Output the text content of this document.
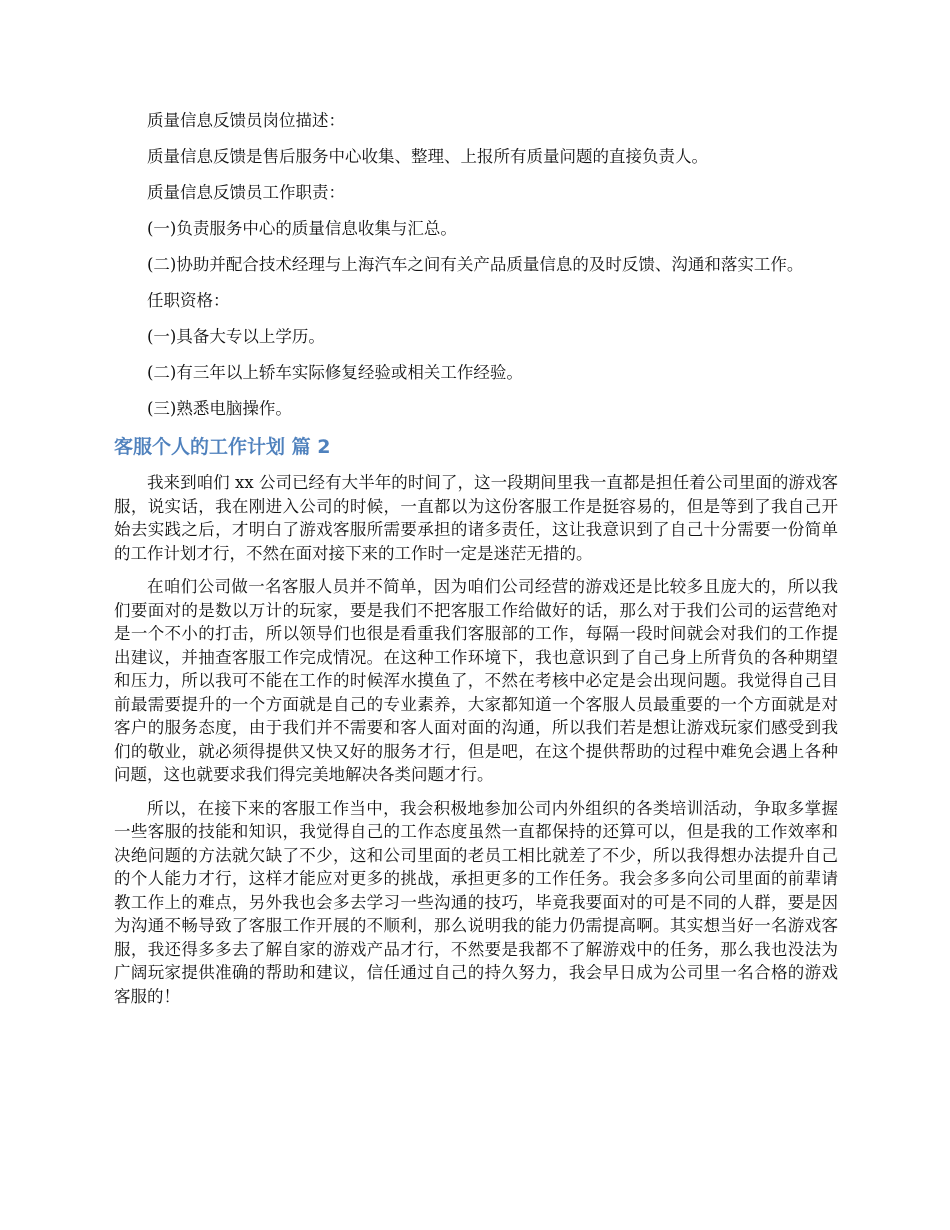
质量信息反馈员岗位描述：

质量信息反馈是售后服务中心收集、整理、上报所有质量问题的直接负责人。

质量信息反馈员工作职责：

(一)负责服务中心的质量信息收集与汇总。

(二)协助并配合技术经理与上海汽车之间有关产品质量信息的及时反馈、沟通和落实工作。

任职资格：

(一)具备大专以上学历。

(二)有三年以上轿车实际修复经验或相关工作经验。

(三)熟悉电脑操作。

客服个人的工作计划 篇 2

我来到咱们 xx 公司已经有大半年的时间了，这一段期间里我一直都是担任着公司里面的游戏客服，说实话，我在刚进入公司的时候，一直都以为这份客服工作是挺容易的，但是等到了我自己开始去实践之后，才明白了游戏客服所需要承担的诸多责任，这让我意识到了自己十分需要一份简单的工作计划才行，不然在面对接下来的工作时一定是迷茫无措的。

在咱们公司做一名客服人员并不简单，因为咱们公司经营的游戏还是比较多且庞大的，所以我们要面对的是数以万计的玩家，要是我们不把客服工作给做好的话，那么对于我们公司的运营绝对是一个不小的打击，所以领导们也很是看重我们客服部的工作，每隔一段时间就会对我们的工作提出建议，并抽查客服工作完成情况。在这种工作环境下，我也意识到了自己身上所背负的各种期望和压力，所以我可不能在工作的时候浑水摸鱼了，不然在考核中必定是会出现问题。我觉得自己目前最需要提升的一个方面就是自己的专业素养，大家都知道一个客服人员最重要的一个方面就是对客户的服务态度，由于我们并不需要和客人面对面的沟通，所以我们若是想让游戏玩家们感受到我们的敬业，就必须得提供又快又好的服务才行，但是吧，在这个提供帮助的过程中难免会遇上各种问题，这也就要求我们得完美地解决各类问题才行。

所以，在接下来的客服工作当中，我会积极地参加公司内外组织的各类培训活动，争取多掌握一些客服的技能和知识，我觉得自己的工作态度虽然一直都保持的还算可以，但是我的工作效率和决绝问题的方法就欠缺了不少，这和公司里面的老员工相比就差了不少，所以我得想办法提升自己的个人能力才行，这样才能应对更多的挑战，承担更多的工作任务。我会多多向公司里面的前辈请教工作上的难点，另外我也会多去学习一些沟通的技巧，毕竟我要面对的可是不同的人群，要是因为沟通不畅导致了客服工作开展的不顺利，那么说明我的能力仍需提高啊。其实想当好一名游戏客服，我还得多多去了解自家的游戏产品才行，不然要是我都不了解游戏中的任务，那么我也没法为广阔玩家提供准确的帮助和建议，信任通过自己的持久努力，我会早日成为公司里一名合格的游戏客服的！
